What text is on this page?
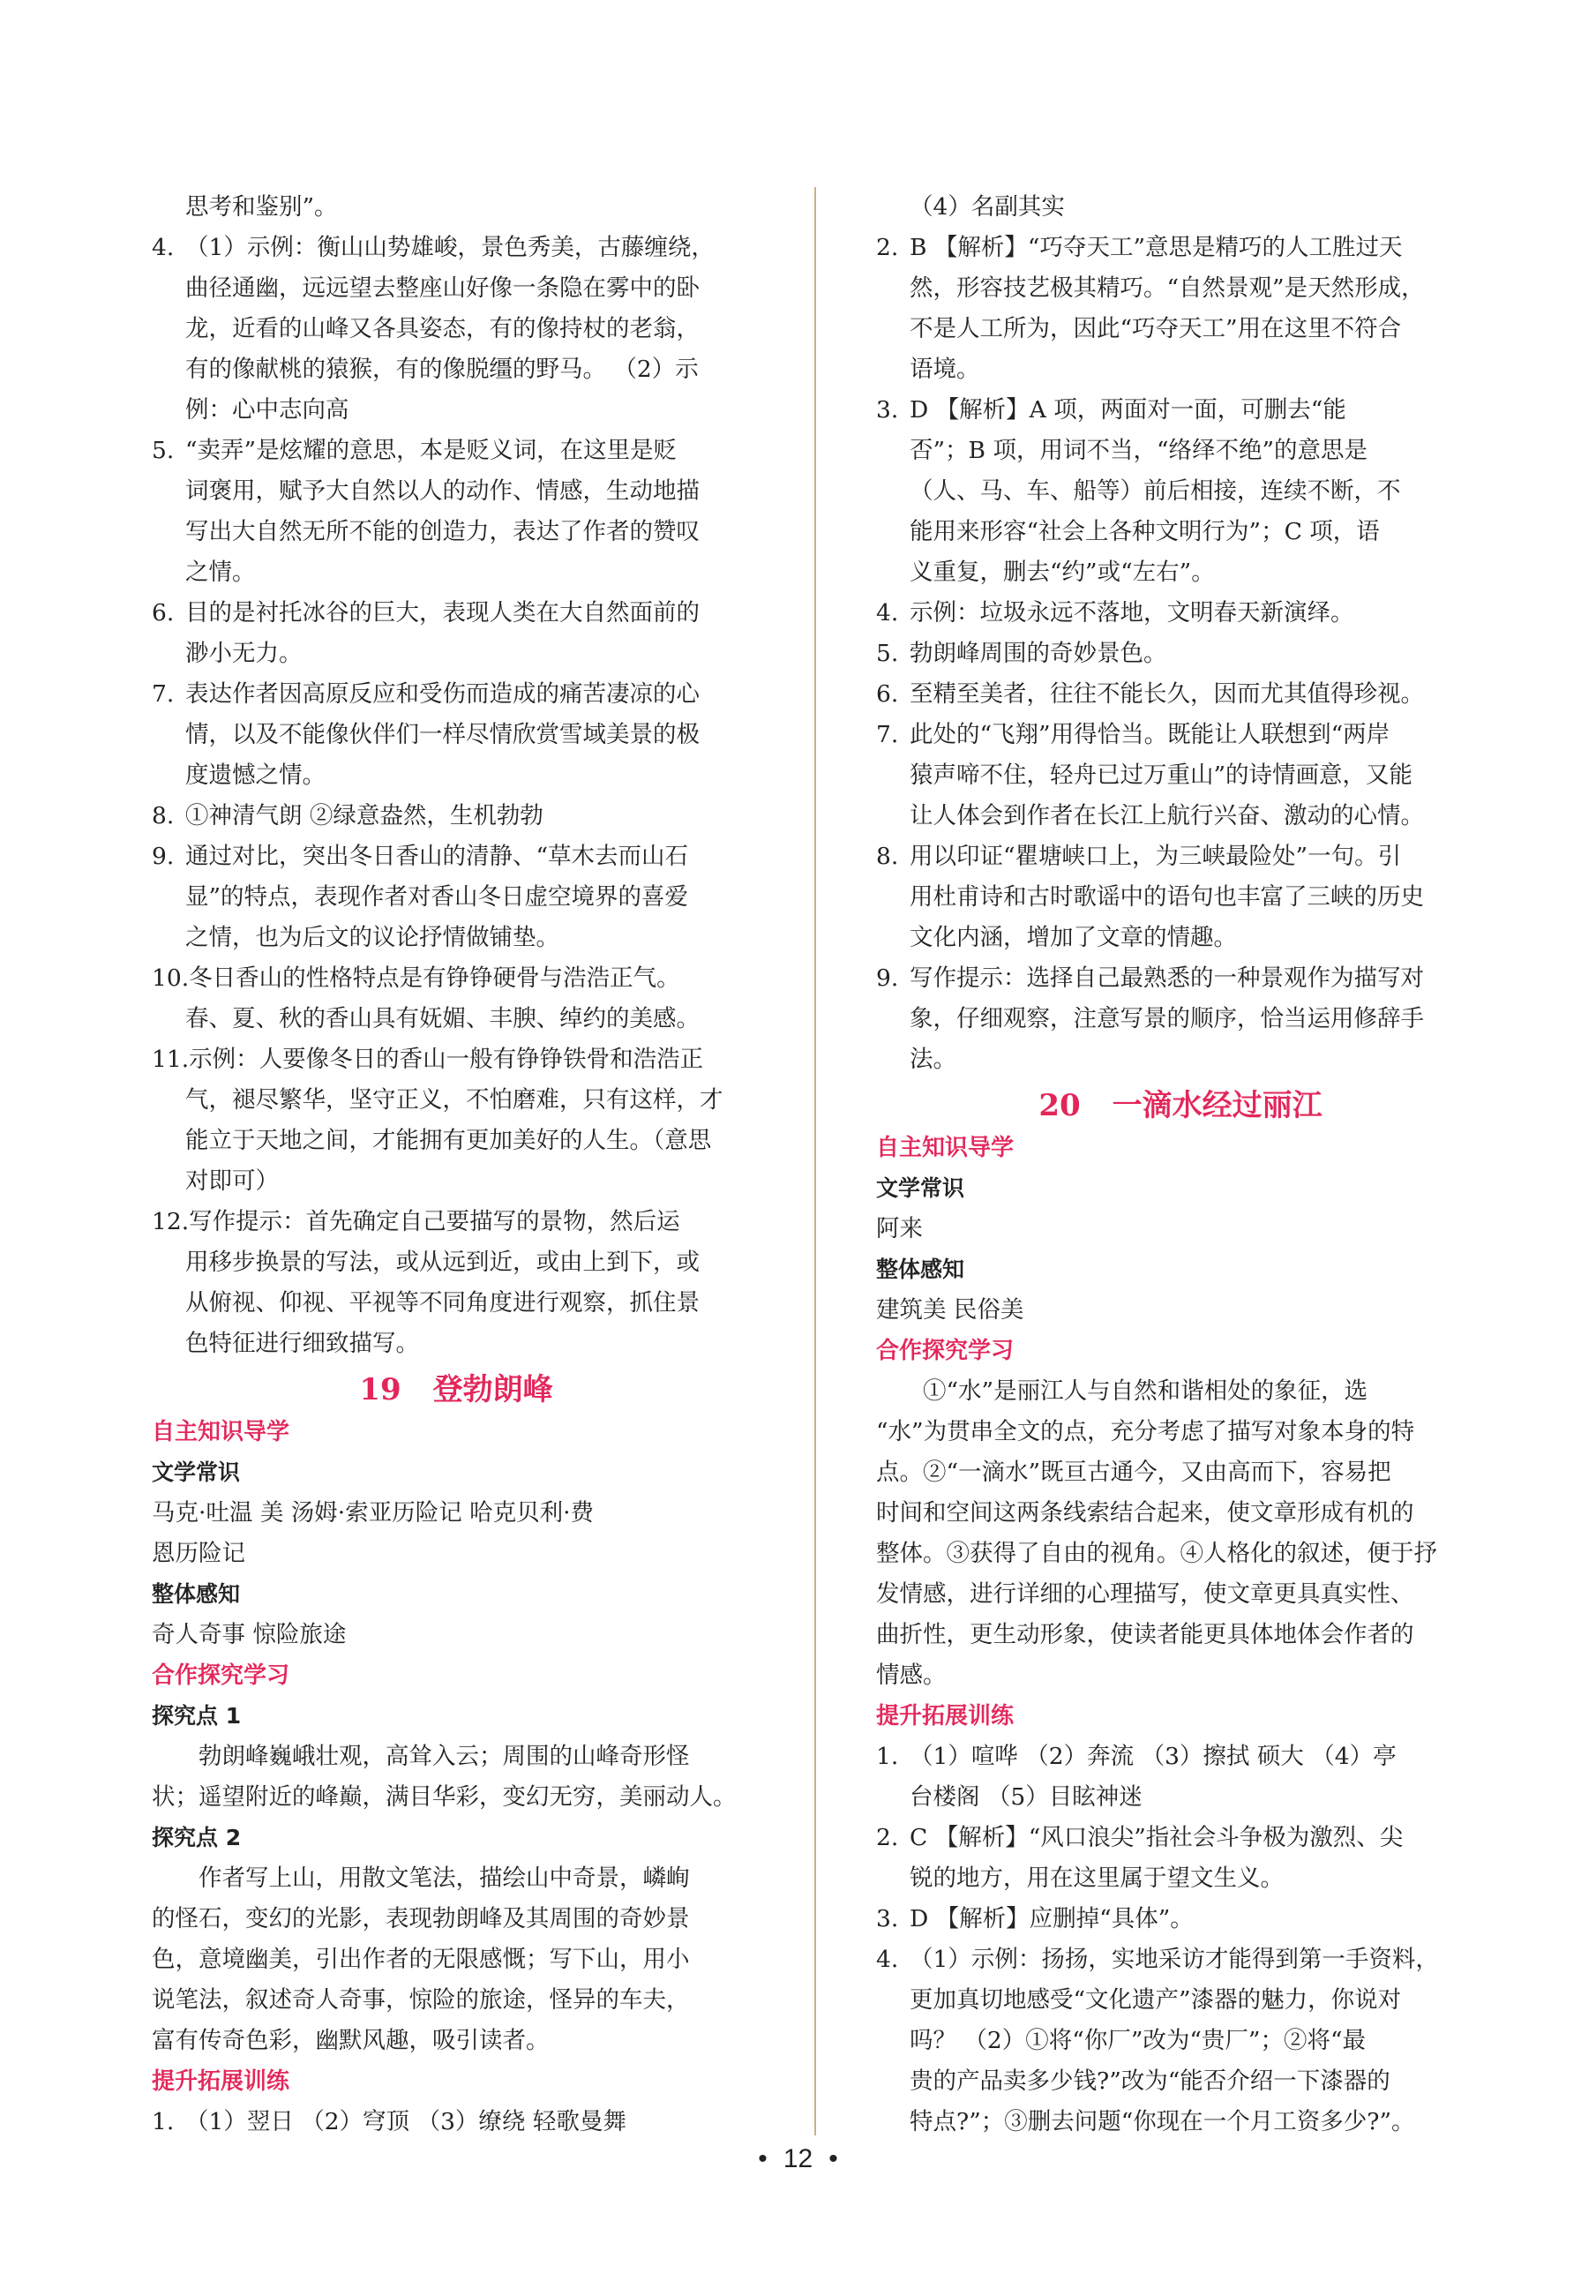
思考和鉴别”。
4. （1）示例：衡山山势雄峻，景色秀美，古藤缠绕，
曲径通幽，远远望去整座山好像一条隐在雾中的卧
龙，近看的山峰又各具姿态，有的像持杖的老翁，
有的像献桃的猿猴，有的像脱缰的野马。 （2）示
例：心中志向高
5. “卖弄”是炫耀的意思，本是贬义词，在这里是贬
词褒用，赋予大自然以人的动作、情感，生动地描
写出大自然无所不能的创造力，表达了作者的赞叹
之情。
6. 目的是衬托冰谷的巨大，表现人类在大自然面前的
渺小无力。
7. 表达作者因高原反应和受伤而造成的痛苦凄凉的心
情，以及不能像伙伴们一样尽情欣赏雪域美景的极
度遗憾之情。
8. ①神清气朗 ②绿意盎然，生机勃勃
9. 通过对比，突出冬日香山的清静、“草木去而山石
显”的特点，表现作者对香山冬日虚空境界的喜爱
之情，也为后文的议论抒情做铺垫。
10. 冬日香山的性格特点是有铮铮硬骨与浩浩正气。
春、夏、秋的香山具有妩媚、丰腴、绰约的美感。
11. 示例：人要像冬日的香山一般有铮铮铁骨和浩浩正
气，褪尽繁华，坚守正义，不怕磨难，只有这样，才
能立于天地之间，才能拥有更加美好的人生。（意思
对即可）
12. 写作提示：首先确定自己要描写的景物，然后运
用移步换景的写法，或从远到近，或由上到下，或
从俯视、仰视、平视等不同角度进行观察，抓住景
色特征进行细致描写。
19 登勃朗峰
自主知识导学
文学常识
马克·吐温 美 汤姆·索亚历险记 哈克贝利·费
恩历险记
整体感知
奇人奇事 惊险旅途
合作探究学习
探究点 1
勃朗峰巍峨壮观，高耸入云；周围的山峰奇形怪
状；遥望附近的峰巅，满目华彩，变幻无穷，美丽动人。
探究点 2
作者写上山，用散文笔法，描绘山中奇景，嶙峋
的怪石，变幻的光影，表现勃朗峰及其周围的奇妙景
色，意境幽美，引出作者的无限感慨；写下山，用小
说笔法，叙述奇人奇事，惊险的旅途，怪异的车夫，
富有传奇色彩，幽默风趣，吸引读者。
提升拓展训练
1. （1）翌日 （2）穹顶 （3）缭绕 轻歌曼舞
（4）名副其实
2. B 【解析】“巧夺天工”意思是精巧的人工胜过天
然，形容技艺极其精巧。“自然景观”是天然形成，
不是人工所为，因此“巧夺天工”用在这里不符合
语境。
3. D 【解析】A 项，两面对一面，可删去“能
否”；B 项，用词不当，“络绎不绝”的意思是
（人、马、车、船等）前后相接，连续不断，不
能用来形容“社会上各种文明行为”；C 项，语
义重复，删去“约”或“左右”。
4. 示例：垃圾永远不落地，文明春天新演绎。
5. 勃朗峰周围的奇妙景色。
6. 至精至美者，往往不能长久，因而尤其值得珍视。
7. 此处的“飞翔”用得恰当。既能让人联想到“两岸
猿声啼不住，轻舟已过万重山”的诗情画意，又能
让人体会到作者在长江上航行兴奋、激动的心情。
8. 用以印证“瞿塘峡口上，为三峡最险处”一句。引
用杜甫诗和古时歌谣中的语句也丰富了三峡的历史
文化内涵，增加了文章的情趣。
9. 写作提示：选择自己最熟悉的一种景观作为描写对
象，仔细观察，注意写景的顺序，恰当运用修辞手
法。
20 一滴水经过丽江
自主知识导学
文学常识
阿来
整体感知
建筑美 民俗美
合作探究学习
①“水”是丽江人与自然和谐相处的象征，选
“水”为贯串全文的点，充分考虑了描写对象本身的特
点。②“一滴水”既亘古通今，又由高而下，容易把
时间和空间这两条线索结合起来，使文章形成有机的
整体。③获得了自由的视角。④人格化的叙述，便于抒
发情感，进行详细的心理描写，使文章更具真实性、
曲折性，更生动形象，使读者能更具体地体会作者的
情感。
提升拓展训练
1. （1）喧哗 （2）奔流 （3）擦拭 硕大 （4）亭
台楼阁 （5）目眩神迷
2. C 【解析】“风口浪尖”指社会斗争极为激烈、尖
锐的地方，用在这里属于望文生义。
3. D 【解析】应删掉“具体”。
4. （1）示例：扬扬，实地采访才能得到第一手资料，
更加真切地感受“文化遗产”漆器的魅力，你说对
吗？ （2）①将“你厂”改为“贵厂”；②将“最
贵的产品卖多少钱?”改为“能否介绍一下漆器的
特点?”；③删去问题“你现在一个月工资多少?”。
• 12 •
